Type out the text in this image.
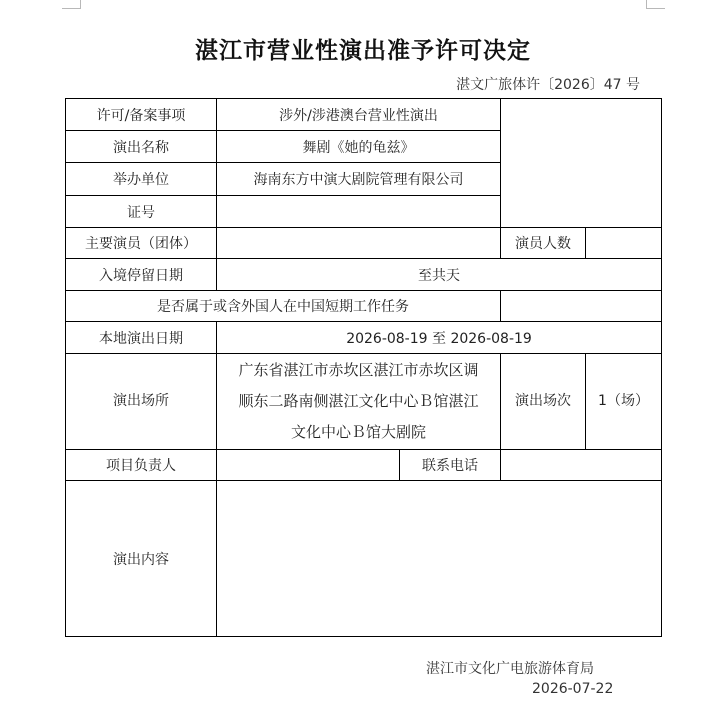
湛江市营业性演出准予许可决定
湛文广旅体许〔2026〕47 号
许可/备案事项	涉外/涉港澳台营业性演出			
演出名称	舞剧《她的龟兹》			
举办单位	海南东方中演大剧院管理有限公司			
证号				
主要演员（团体）			演员人数	
入境停留日期	至共天			
是否属于或含外国人在中国短期工作任务				
本地演出日期	2026-08-19 至 2026-08-19			
演出场所	广东省湛江市赤坎区湛江市赤坎区调
顺东二路南侧湛江文化中心Ｂ馆湛江
文化中心Ｂ馆大剧院		演出场次	1（场）
项目负责人		联系电话		
演出内容				
湛江市文化广电旅游体育局
2026-07-22
